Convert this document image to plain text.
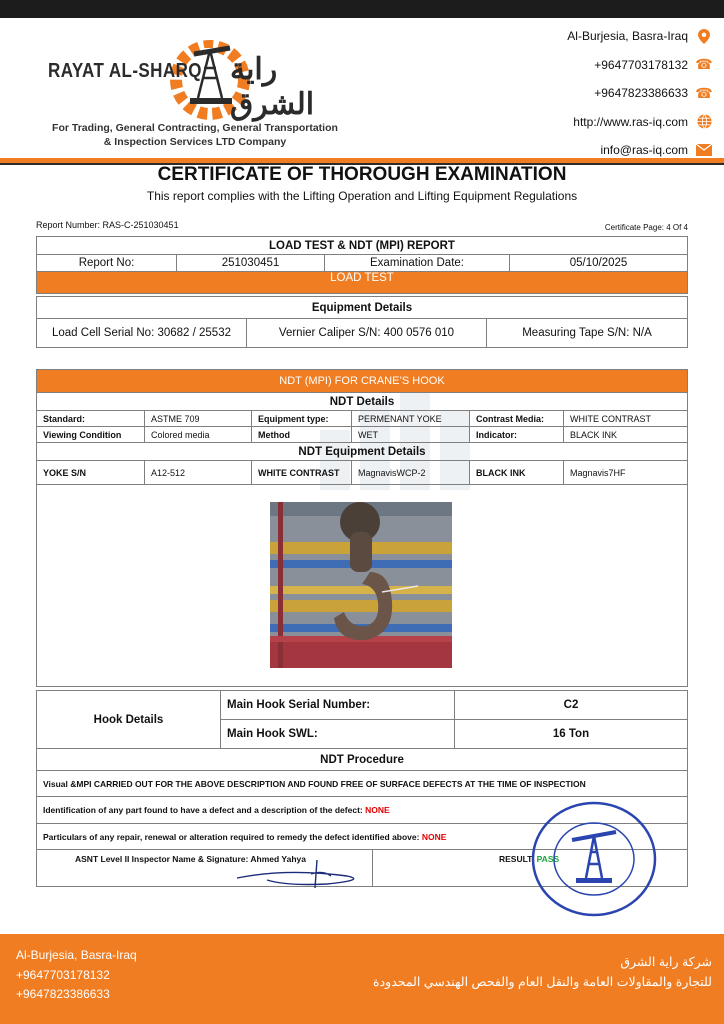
RAYAT AL-SHARQ راية الشرق
For Trading, General Contracting, General Transportation
& Inspection Services LTD Company
Al-Burjesia, Basra-Iraq
+9647703178132 ☎
+9647823386633 ☎
http://www.ras-iq.com
info@ras-iq.com
CERTIFICATE OF THOROUGH EXAMINATION
This report complies with the Lifting Operation and Lifting Equipment Regulations
Report Number: RAS-C-251030451	Certificate Page: 4 Of 4
LOAD TEST & NDT (MPI) REPORT
Report No:	251030451	Examination Date:	05/10/2025
LOAD TEST
Equipment Details
Load Cell Serial No: 30682 / 25532	Vernier Caliper S/N: 400 0576 010	Measuring Tape S/N: N/A
NDT (MPI) FOR CRANE’S HOOK					
NDT Details					
Standard:	ASTME 709	Equipment type:	PERMENANT YOKE	Contrast Media:	WHITE CONTRAST
Viewing Condition	Colored media	Method	WET	Indicator:	BLACK INK
NDT Equipment Details					
YOKE S/N	A12-512	WHITE CONTRAST	MagnavisWCP-2	BLACK INK	Magnavis7HF

Hook Details	Main Hook Serial Number:	C2
	Main Hook SWL:	16 Ton
NDT Procedure
Visual &MPI CARRIED OUT FOR THE ABOVE DESCRIPTION AND FOUND FREE OF SURFACE DEFECTS AT THE TIME OF INSPECTION
Identification of any part found to have a defect and a description of the defect: NONE
Particulars of any repair, renewal or alteration required to remedy the defect identified above: NONE
ASNT Level II Inspector Name & Signature: Ahmed Yahya	RESULT: PASS
Al-Burjesia, Basra-Iraq
+9647703178132
+9647823386633
شركة راية الشرق
للتجارة والمقاولات العامة والنقل العام والفحص الهندسي المحدودة
